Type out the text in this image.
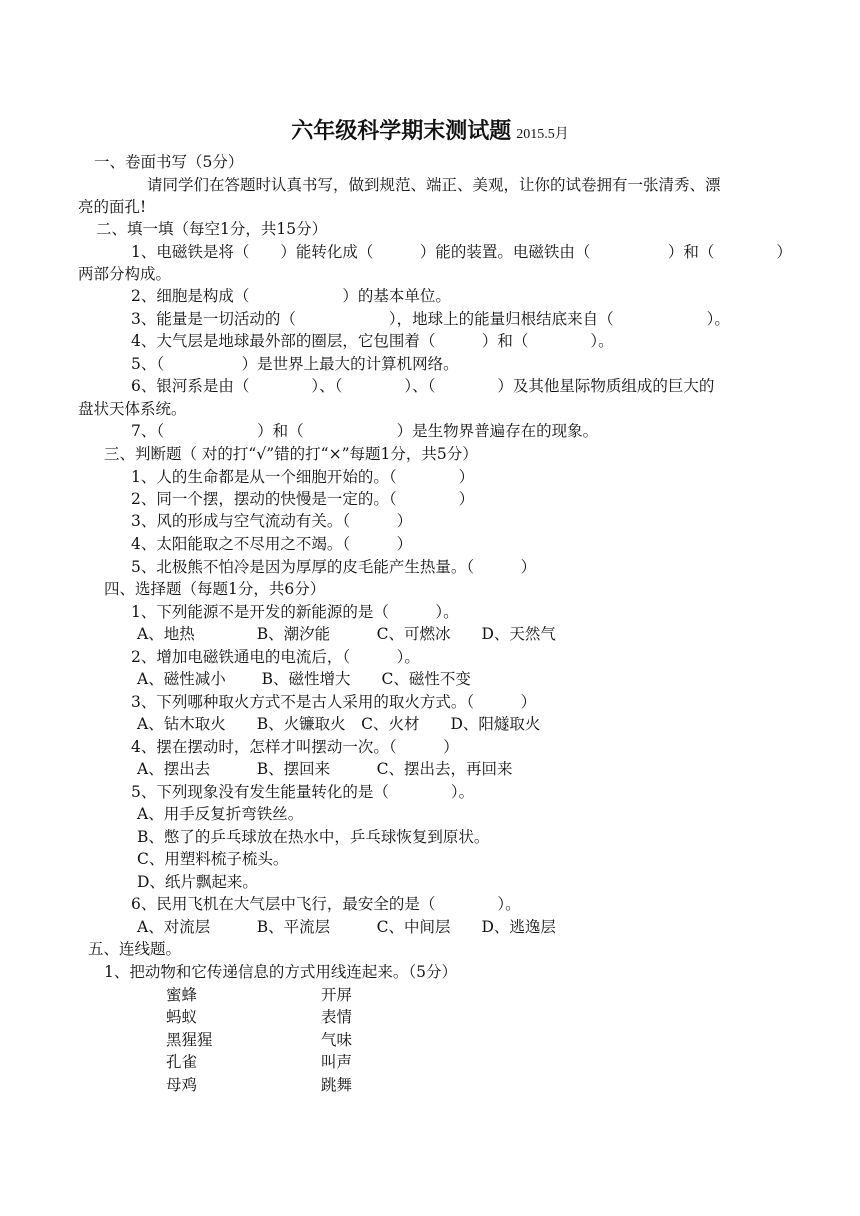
六年级科学期末测试题 2015.5月
一、卷面书写（5分）
请同学们在答题时认真书写，做到规范、端正、美观，让你的试卷拥有一张清秀、漂
亮的面孔!
二、填一填（每空1分，共15分）
1、电磁铁是将（　　）能转化成（　　　）能的装置。电磁铁由（　　　　　）和（　　　　）
两部分构成。
2、细胞是构成（　　　　　　）的基本单位。
3、能量是一切活动的（　　　　　　），地球上的能量归根结底来自（　　　　　　）。
4、大气层是地球最外部的圈层，它包围着（　　　）和（　　　　）。
5、（　　　　　）是世界上最大的计算机网络。
6、银河系是由（　　　　）、（　　　　）、（　　　　）及其他星际物质组成的巨大的
盘状天体系统。
7、（　　　　　　）和（　　　　　　）是生物界普遍存在的现象。
三、判断题（ 对的打“√”错的打“×”每题1分，共5分）
1、人的生命都是从一个细胞开始的。（　　　　）
2、同一个摆，摆动的快慢是一定的。（　　　　）
3、风的形成与空气流动有关。（　　　）
4、太阳能取之不尽用之不竭。（　　　）
5、北极熊不怕冷是因为厚厚的皮毛能产生热量。（　　　）
四、选择题（每题1分，共6分）
1、下列能源不是开发的新能源的是（　　　）。
A、地热　　　　B、潮汐能　　　C、可燃冰　　D、天然气
2、增加电磁铁通电的电流后，（　　　）。
A、磁性减小　　 B、磁性增大　　C、磁性不变
3、下列哪种取火方式不是古人采用的取火方式。（　　　）
A、钻木取火　　B、火镰取火　C、火材　　D、阳燧取火
4、摆在摆动时，怎样才叫摆动一次。（　　　）
A、摆出去　　　B、摆回来　　　C、摆出去，再回来
5、下列现象没有发生能量转化的是（　　　　）。
A、用手反复折弯铁丝。
B、憋了的乒乓球放在热水中，乒乓球恢复到原状。
C、用塑料梳子梳头。
D、纸片飘起来。
6、民用飞机在大气层中飞行，最安全的是（　　　　）。
A、对流层　　　B、平流层　　　C、中间层　　D、逃逸层
五、连线题。
1、把动物和它传递信息的方式用线连起来。（5分）
蜜蜂
蚂蚁
黑猩猩
孔雀
母鸡
开屏
表情
气味
叫声
跳舞
